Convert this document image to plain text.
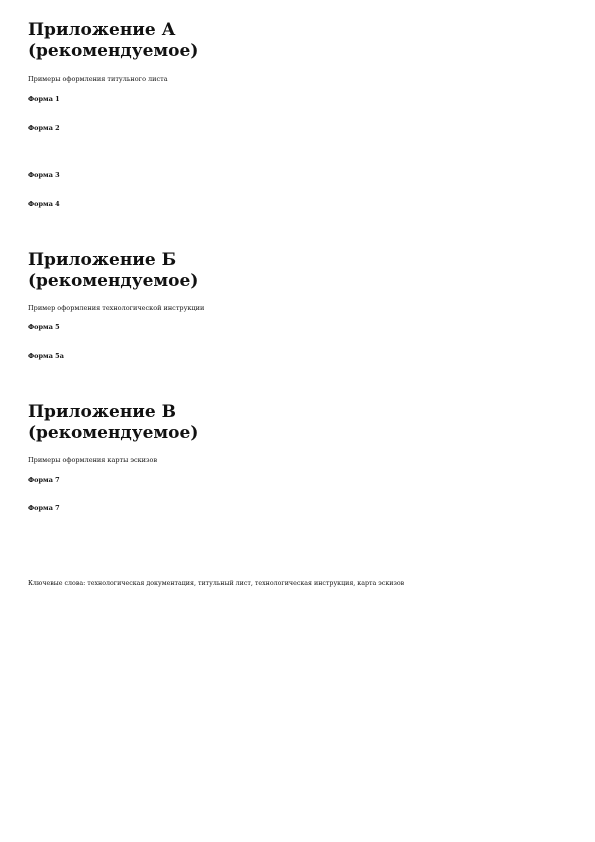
Приложение А
(рекомендуемое)

Примеры оформления титульного листа

Форма 1

Форма 2

Форма 3

Форма 4

Приложение Б
(рекомендуемое)

Пример оформления технологической инструкции

Форма 5

Форма 5а

Приложение В
(рекомендуемое)

Примеры оформления карты эскизов

Форма 7

Форма 7

Ключевые слова: технологическая документация, титульный лист, технологическая инструкция, карта эскизов
